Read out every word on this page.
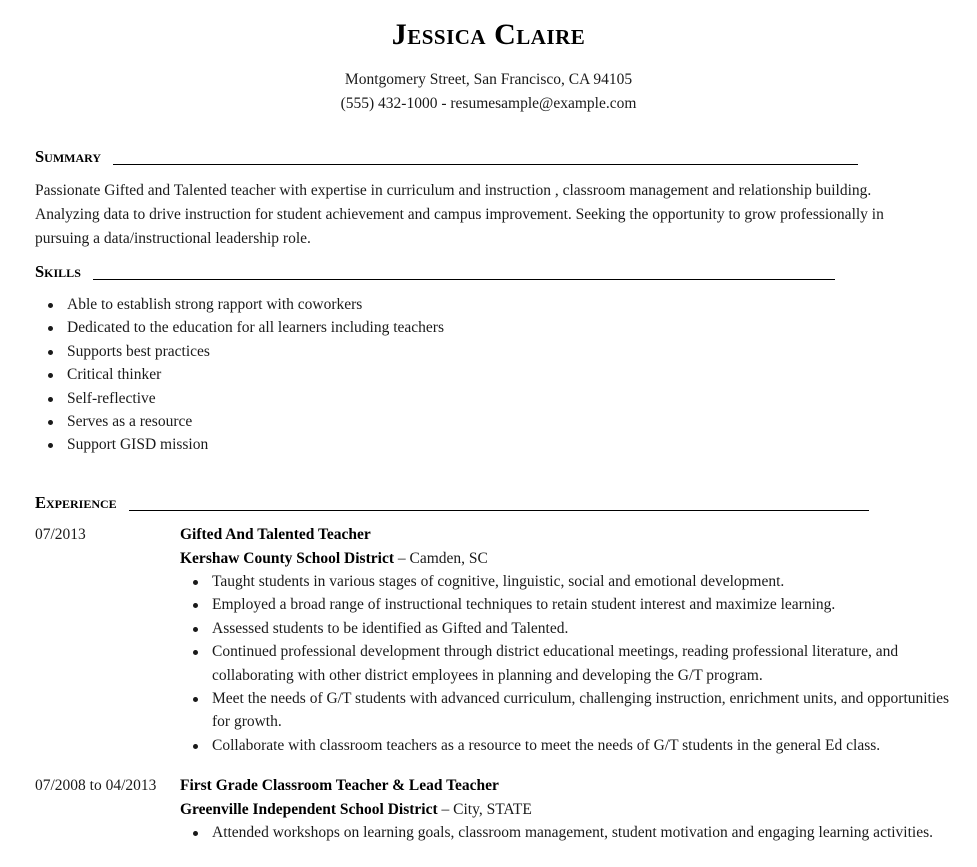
Jessica Claire
Montgomery Street, San Francisco, CA 94105
(555) 432-1000 - resumesample@example.com
Summary
Passionate Gifted and Talented teacher with expertise in curriculum and instruction , classroom management and relationship building. Analyzing data to drive instruction for student achievement and campus improvement. Seeking the opportunity to grow professionally in pursuing a data/instructional leadership role.
Skills
Able to establish strong rapport with coworkers
Dedicated to the education for all learners including teachers
Supports best practices
Critical thinker
Self-reflective
Serves as a resource
Support GISD mission
Experience
07/2013	Gifted And Talented Teacher
Kershaw County School District – Camden, SC
Taught students in various stages of cognitive, linguistic, social and emotional development.
Employed a broad range of instructional techniques to retain student interest and maximize learning.
Assessed students to be identified as Gifted and Talented.
Continued professional development through district educational meetings, reading professional literature, and collaborating with other district employees in planning and developing the G/T program.
Meet the needs of G/T students with advanced curriculum, challenging instruction, enrichment units, and opportunities for growth.
Collaborate with classroom teachers as a resource to meet the needs of G/T students in the general Ed class.
07/2008 to 04/2013 First Grade Classroom Teacher & Lead Teacher
Greenville Independent School District – City, STATE
Attended workshops on learning goals, classroom management, student motivation and engaging learning activities.
